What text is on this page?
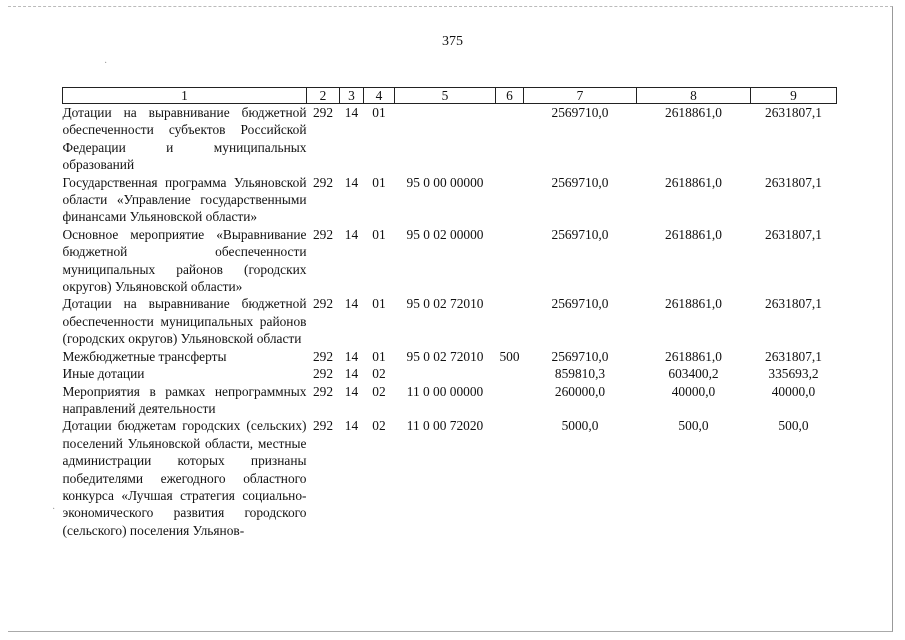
·
·
375
1	2	3	4	5	6	7	8	9
Дотации на выравнивание бюджетной обеспеченности субъектов Российской Федерации и муниципальных образований	292	14	01			2569710,0	2618861,0	2631807,1
Государственная программа Ульяновской области «Управление государственными финансами Ульяновской области»	292	14	01	95 0 00 00000		2569710,0	2618861,0	2631807,1
Основное мероприятие «Выравнивание бюджетной обеспеченности муниципальных районов (городских округов) Ульяновской области»	292	14	01	95 0 02 00000		2569710,0	2618861,0	2631807,1
Дотации на выравнивание бюджетной обеспеченности муниципальных районов (городских округов) Ульяновской области	292	14	01	95 0 02 72010		2569710,0	2618861,0	2631807,1
Межбюджетные трансферты	292	14	01	95 0 02 72010	500	2569710,0	2618861,0	2631807,1
Иные дотации	292	14	02			859810,3	603400,2	335693,2
Мероприятия в рамках непрограммных направлений деятельности	292	14	02	11 0 00 00000		260000,0	40000,0	40000,0
Дотации бюджетам городских (сельских) поселений Ульяновской области, местные администрации которых признаны победителями ежегодного областного конкурса «Лучшая стратегия социально-экономического развития городского (сельского) поселения Ульянов-	292	14	02	11 0 00 72020		5000,0	500,0	500,0
